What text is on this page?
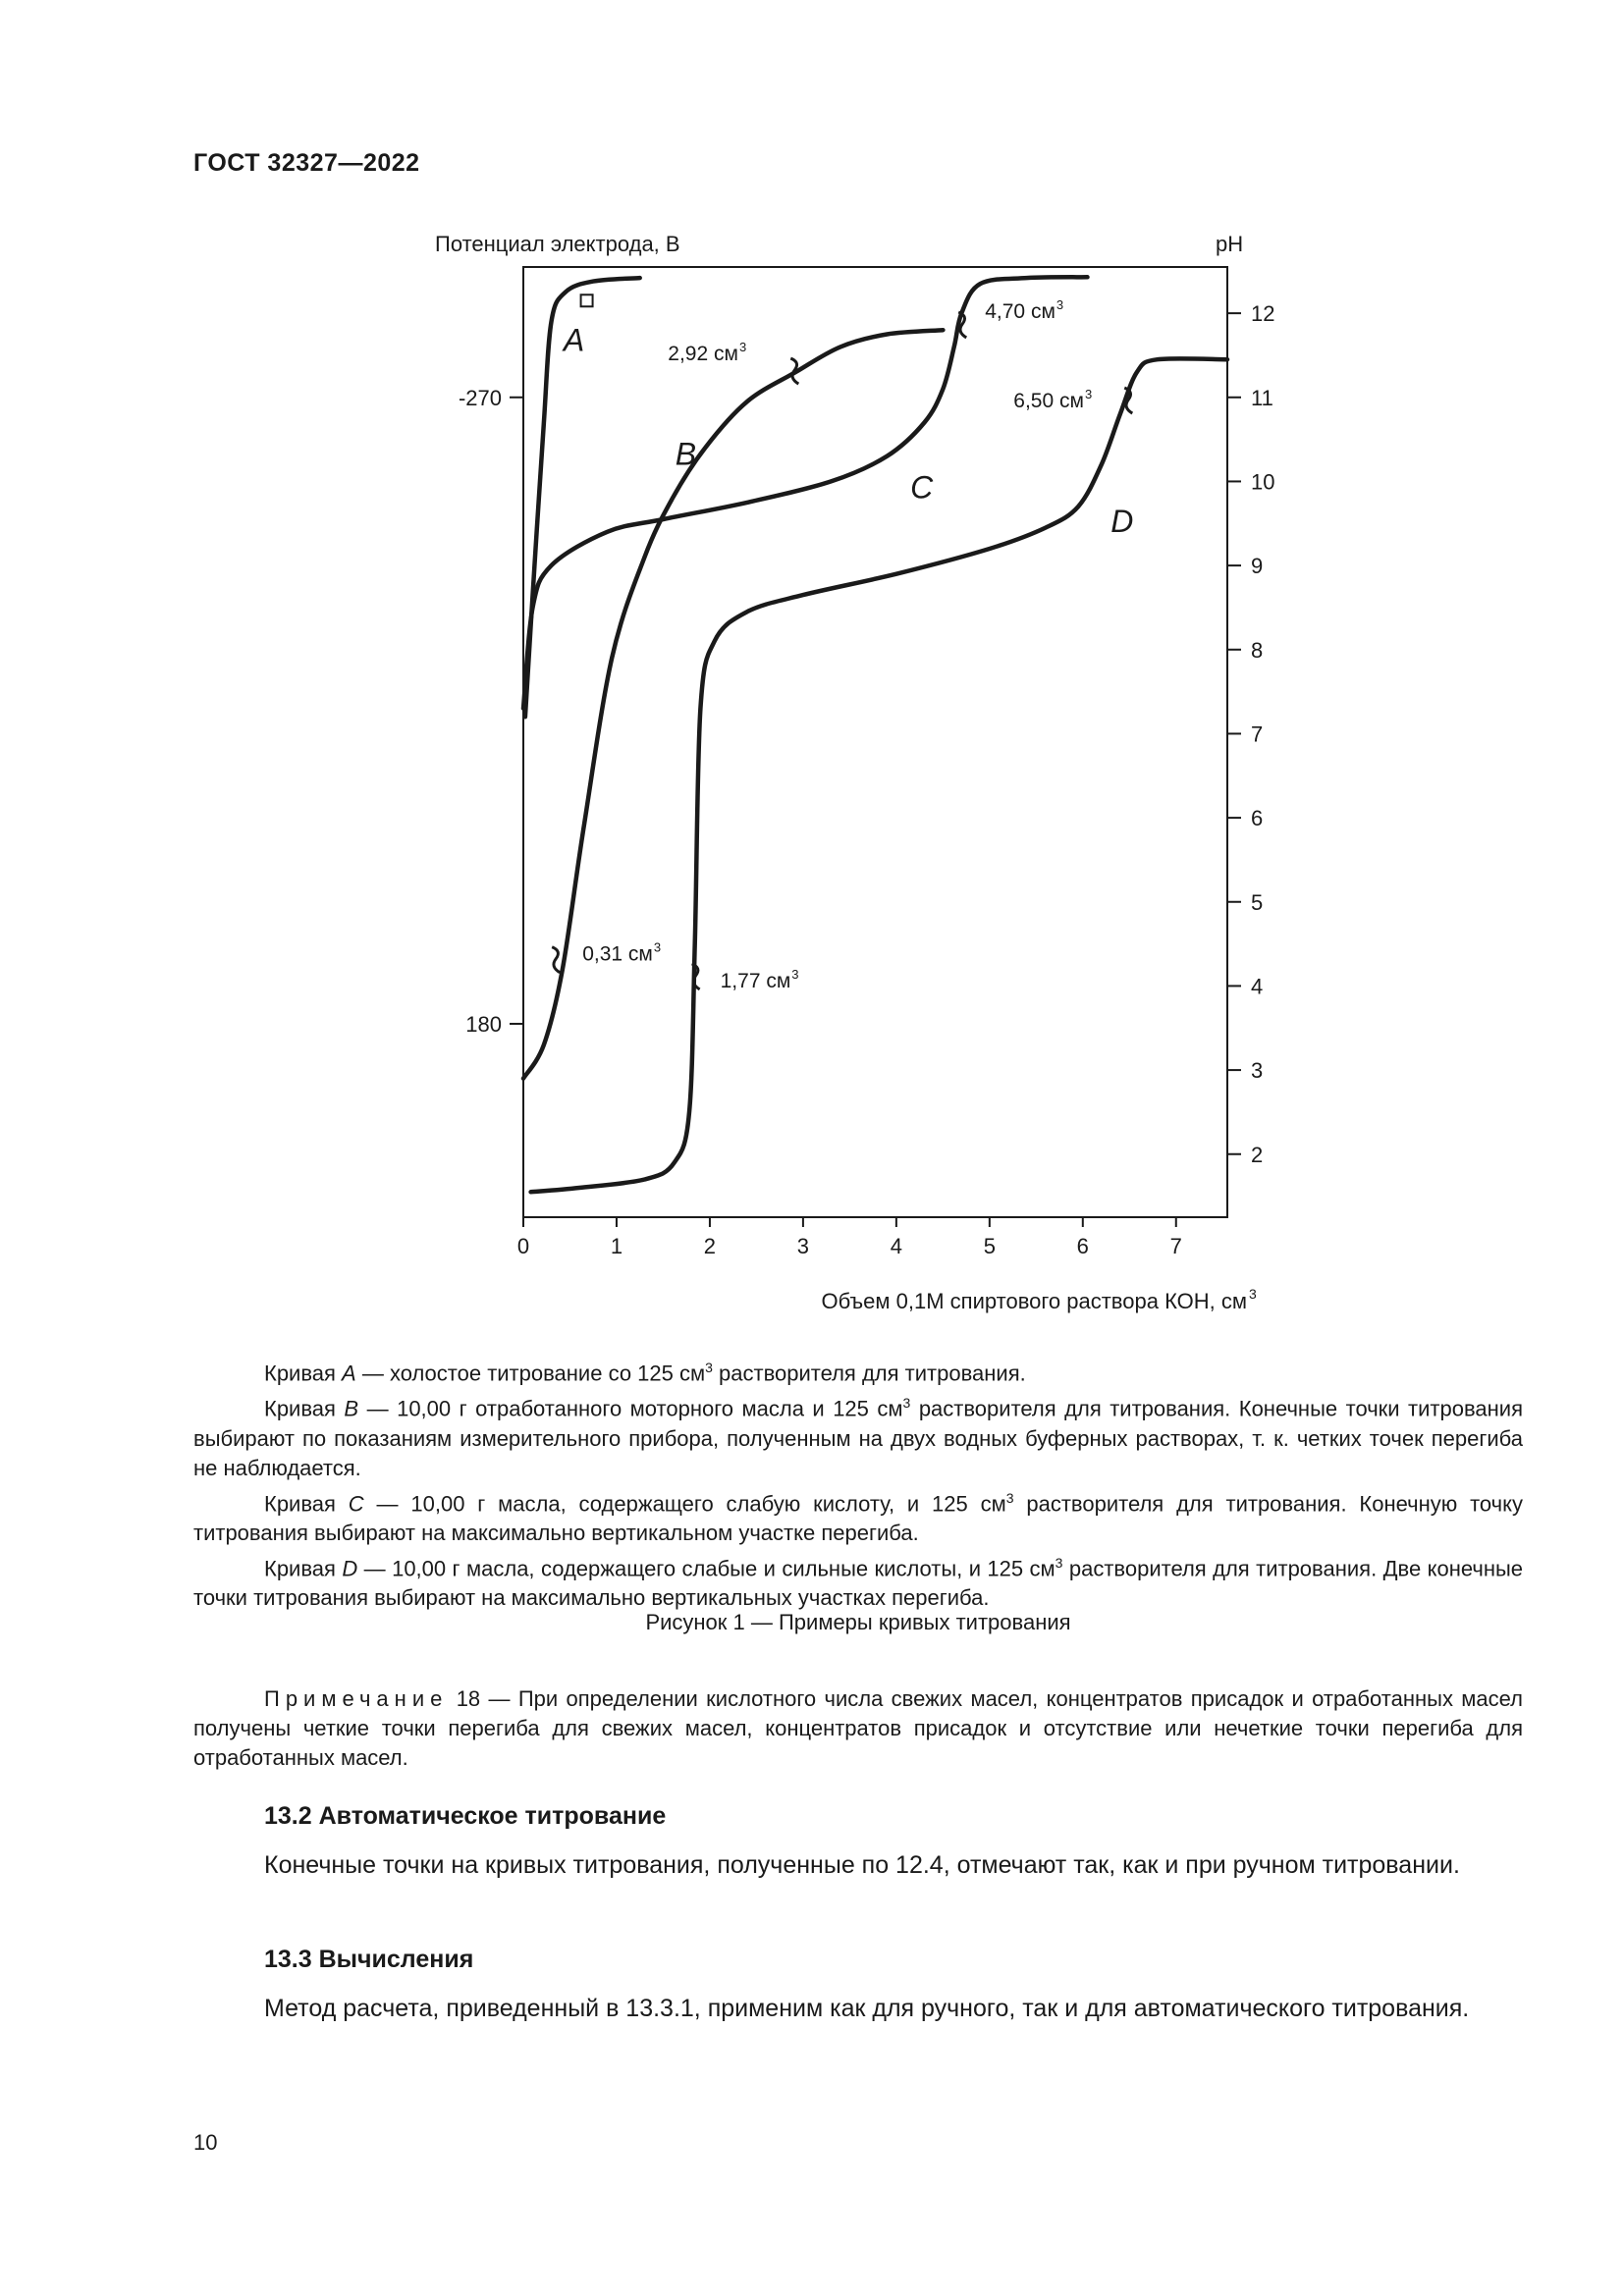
ГОСТ 32327—2022
0	1	2	3	4	5	6	7
2
3
4
5
6
7
8
9
10
11
12
-270
180
Потенциал электрода, В	pH
Объем 0,1М спиртового раствора КОН, см 3
A
B
C
D
2,92 см 3
4,70 см 3
6,50 см 3
0,31 см 3
1,77 см 3

Кривая A — холостое титрование со 125 $см^3$ растворителя для титрования.

Кривая B — 10,00 г отработанного моторного масла и 125 $см^3$ растворителя для титрования. Конечные точки титрования выбирают по показаниям измерительного прибора, полученным на двух водных буферных растворах, т. к. четких точек перегиба не наблюдается.

Кривая C — 10,00 г масла, содержащего слабую кислоту, и 125 $см^3$ растворителя для титрования. Конечную точку титрования выбирают на максимально вертикальном участке перегиба.

Кривая D — 10,00 г масла, содержащего слабые и сильные кислоты, и 125 $см^3$ растворителя для титрования. Две конечные точки титрования выбирают на максимально вертикальных участках перегиба.

Рисунок 1 — Примеры кривых титрования
Примечание 18 — При определении кислотного числа свежих масел, концентратов присадок и отработанных масел получены четкие точки перегиба для свежих масел, концентратов присадок и отсутствие или нечеткие точки перегиба для отработанных масел.
13.2 Автоматическое титрование
Конечные точки на кривых титрования, полученные по 12.4, отмечают так, как и при ручном титровании.
13.3 Вычисления
Метод расчета, приведенный в 13.3.1, применим как для ручного, так и для автоматического титрования.
10
